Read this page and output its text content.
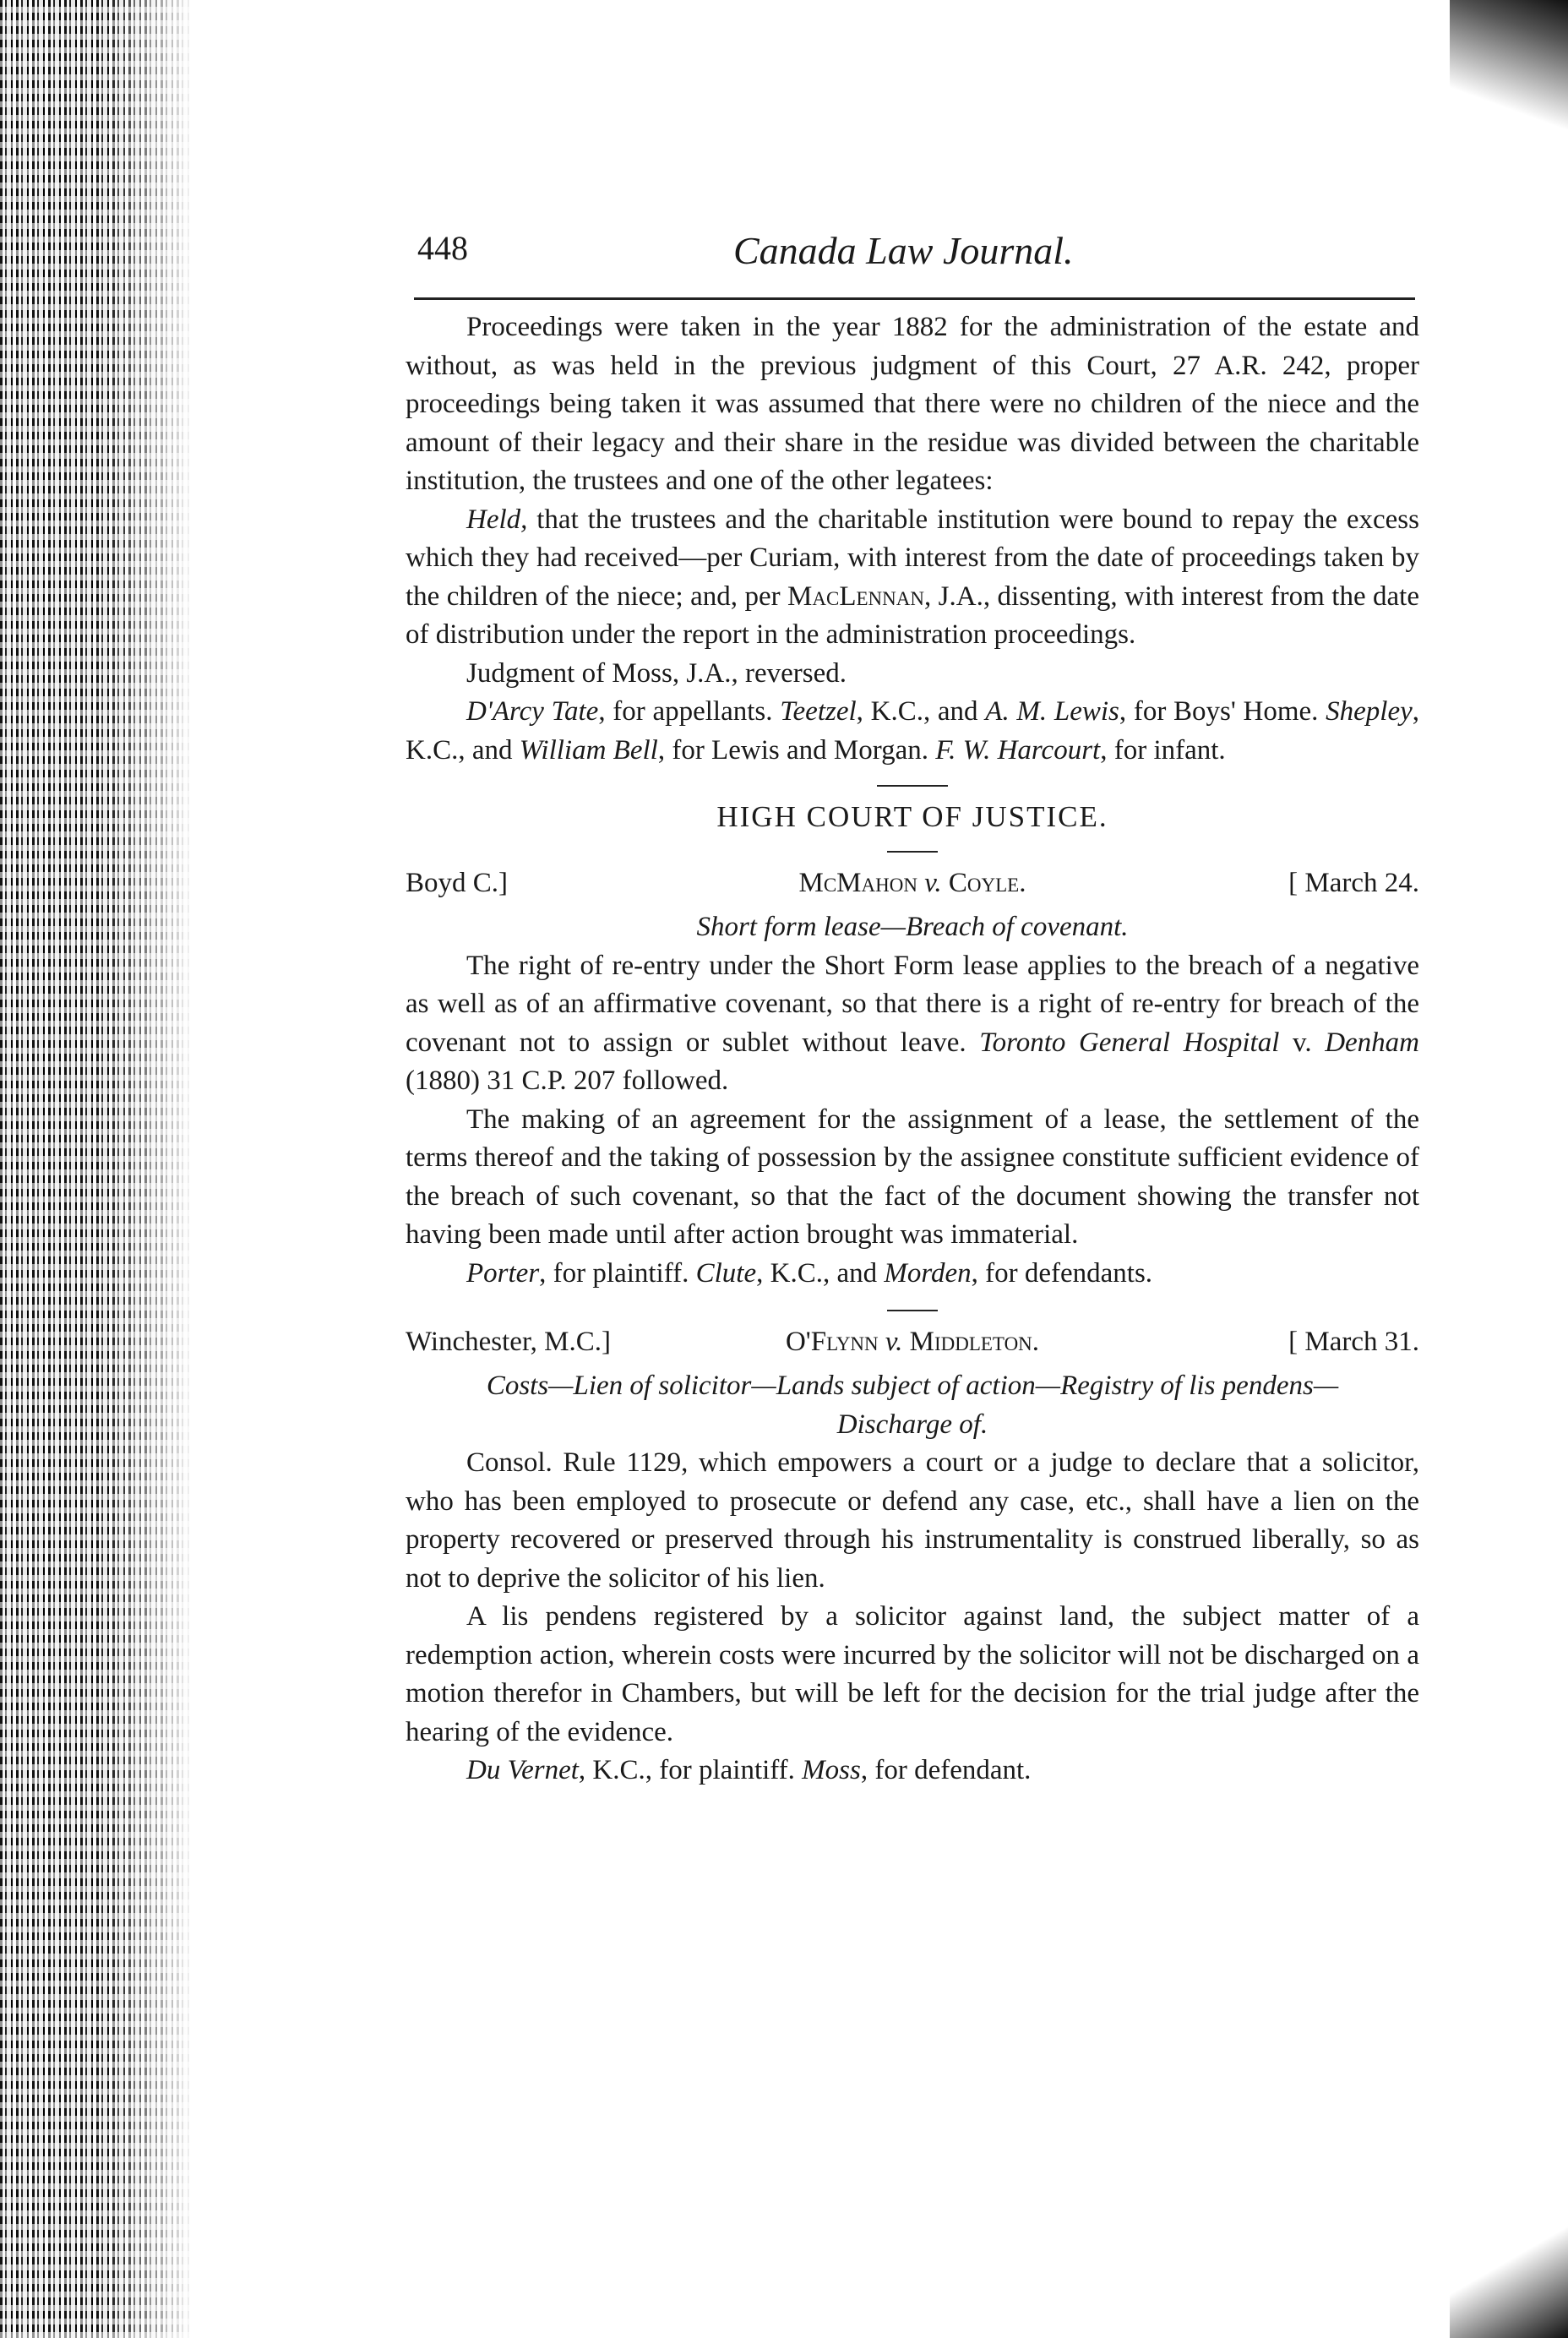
448	Canada Law Journal.

Proceedings were taken in the year 1882 for the administration of the estate and without, as was held in the previous judgment of this Court, 27 A.R. 242, proper proceedings being taken it was assumed that there were no children of the niece and the amount of their legacy and their share in the residue was divided between the charitable institution, the trustees and one of the other legatees:

Held, that the trustees and the charitable institution were bound to repay the excess which they had received—per Curiam, with interest from the date of proceedings taken by the children of the niece; and, per MacLennan, J.A., dissenting, with interest from the date of distribution under the report in the administration proceedings.

Judgment of Moss, J.A., reversed.

D'Arcy Tate, for appellants. Teetzel, K.C., and A. M. Lewis, for Boys' Home. Shepley, K.C., and William Bell, for Lewis and Morgan. F. W. Harcourt, for infant.

HIGH COURT OF JUSTICE.
Boyd C.]	McMahon v. Coyle.	[ March 24.
Short form lease—Breach of covenant.

The right of re-entry under the Short Form lease applies to the breach of a negative as well as of an affirmative covenant, so that there is a right of re-entry for breach of the covenant not to assign or sublet without leave. Toronto General Hospital v. Denham (1880) 31 C.P. 207 followed.

The making of an agreement for the assignment of a lease, the settlement of the terms thereof and the taking of possession by the assignee constitute sufficient evidence of the breach of such covenant, so that the fact of the document showing the transfer not having been made until after action brought was immaterial.

Porter, for plaintiff. Clute, K.C., and Morden, for defendants.

Winchester, M.C.]	O'Flynn v. Middleton.	[ March 31.
Costs—Lien of solicitor—Lands subject of action—Registry of lis pendens—
Discharge of.

Consol. Rule 1129, which empowers a court or a judge to declare that a solicitor, who has been employed to prosecute or defend any case, etc., shall have a lien on the property recovered or preserved through his instrumentality is construed liberally, so as not to deprive the solicitor of his lien.

A lis pendens registered by a solicitor against land, the subject matter of a redemption action, wherein costs were incurred by the solicitor will not be discharged on a motion therefor in Chambers, but will be left for the decision for the trial judge after the hearing of the evidence.

Du Vernet, K.C., for plaintiff. Moss, for defendant.
